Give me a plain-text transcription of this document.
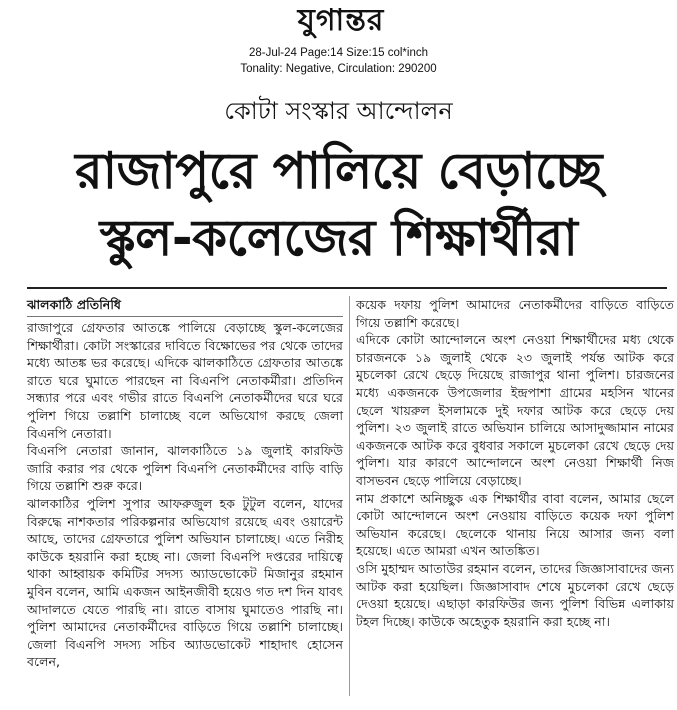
যুগান্তর
28-Jul-24 Page:14 Size:15 col*inch
Tonality: Negative, Circulation: 290200
কোটা সংস্কার আন্দোলন
রাজাপুরে পালিয়ে বেড়াচ্ছে
স্কুল-কলেজের শিক্ষার্থীরা
ঝালকাঠি প্রতিনিধি

রাজাপুরে গ্রেফতার আতঙ্কে পালিয়ে বেড়াচ্ছে স্কুল-কলেজের শিক্ষার্থীরা। কোটা সংস্কারের দাবিতে বিক্ষোভের পর থেকে তাদের মধ্যে আতঙ্ক ভর করেছে। এদিকে ঝালকাঠিতে গ্রেফতার আতঙ্কে রাতে ঘরে ঘুমাতে পারছেন না বিএনপি নেতাকর্মীরা। প্রতিদিন সন্ধ্যার পরে এবং গভীর রাতে বিএনপি নেতাকর্মীদের ঘরে ঘরে পুলিশ গিয়ে তল্লাশি চালাচ্ছে বলে অভিযোগ করছে জেলা বিএনপি নেতারা।

বিএনপি নেতারা জানান, ঝালকাঠিতে ১৯ জুলাই কারফিউ জারি করার পর থেকে পুলিশ বিএনপি নেতাকর্মীদের বাড়ি বাড়ি গিয়ে তল্লাশি শুরু করে।

ঝালকাঠির পুলিশ সুপার আফরুজুল হক টুটুল বলেন, যাদের বিরুদ্ধে নাশকতার পরিকল্পনার অভিযোগ রয়েছে এবং ওয়ারেন্ট আছে, তাদের গ্রেফতারে পুলিশ অভিযান চালাচ্ছে। এতে নিরীহ কাউকে হয়রানি করা হচ্ছে না। জেলা বিএনপি দপ্তরের দায়িত্বে থাকা আহ্বায়ক কমিটির সদস্য অ্যাডভোকেট মিজানুর রহমান মুবিন বলেন, আমি একজন আইনজীবী হয়েও গত দশ দিন যাবৎ আদালতে যেতে পারছি না। রাতে বাসায় ঘুমাতেও পারছি না। পুলিশ আমাদের নেতাকর্মীদের বাড়িতে গিয়ে তল্লাশি চালাচ্ছে। জেলা বিএনপি সদস্য সচিব অ্যাডভোকেট শাহাদাৎ হোসেন বলেন,

কয়েক দফায় পুলিশ আমাদের নেতাকর্মীদের বাড়িতে বাড়িতে গিয়ে তল্লাশি করেছে।

এদিকে কোটা আন্দোলনে অংশ নেওয়া শিক্ষার্থীদের মধ্য থেকে চারজনকে ১৯ জুলাই থেকে ২৩ জুলাই পর্যন্ত আটক করে মুচলেকা রেখে ছেড়ে দিয়েছে রাজাপুর থানা পুলিশ। চারজনের মধ্যে একজনকে উপজেলার ইন্দ্রপাশা গ্রামের মহসিন খানের ছেলে খায়রুল ইসলামকে দুই দফার আটক করে ছেড়ে দেয় পুলিশ। ২৩ জুলাই রাতে অভিযান চালিয়ে আসাদুজ্জামান নামের একজনকে আটক করে বুধবার সকালে মুচলেকা রেখে ছেড়ে দেয় পুলিশ। যার কারণে আন্দোলনে অংশ নেওয়া শিক্ষার্থী নিজ বাসভবন ছেড়ে পালিয়ে বেড়াচ্ছে।

নাম প্রকাশে অনিচ্ছুক এক শিক্ষার্থীর বাবা বলেন, আমার ছেলে কোটা আন্দোলনে অংশ নেওয়ায় বাড়িতে কয়েক দফা পুলিশ অভিযান করেছে। ছেলেকে থানায় নিয়ে আসার জন্য বলা হয়েছে। এতে আমরা এখন আতঙ্কিত।

ওসি মুহাম্মদ আতাউর রহমান বলেন, তাদের জিজ্ঞাসাবাদের জন্য আটক করা হয়েছিল। জিজ্ঞাসাবাদ শেষে মুচলেকা রেখে ছেড়ে দেওয়া হয়েছে। এছাড়া কারফিউর জন্য পুলিশ বিভিন্ন এলাকায় টহল দিচ্ছে। কাউকে অহেতুক হয়রানি করা হচ্ছে না।
